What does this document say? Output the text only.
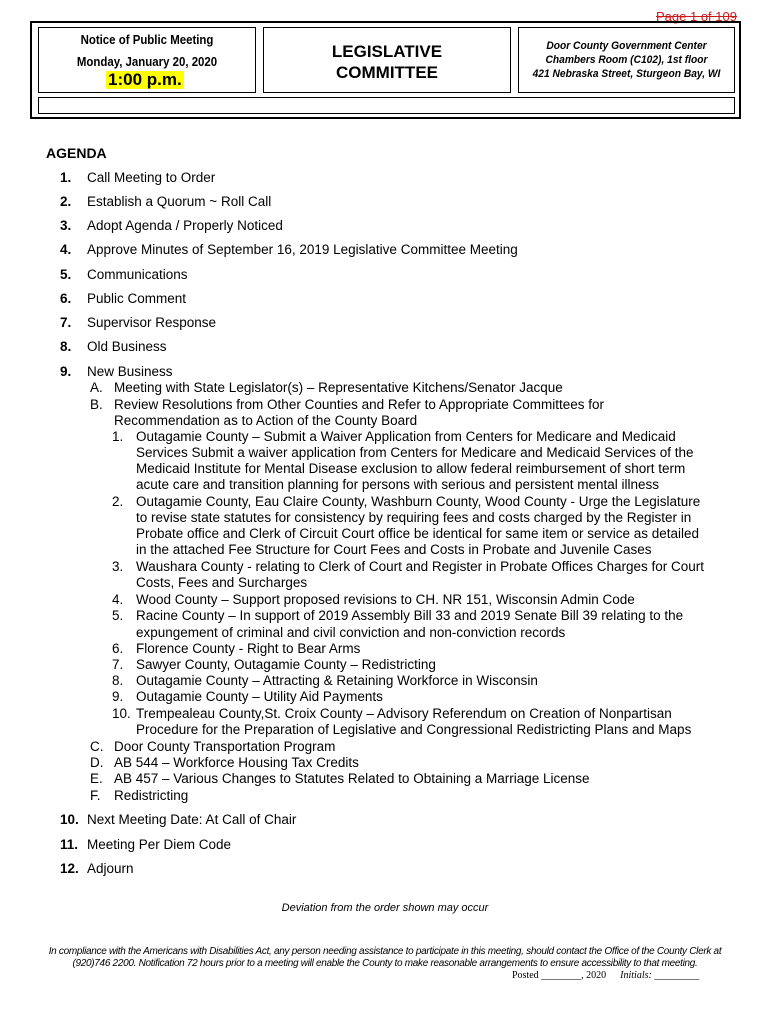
Page 1 of 109
Notice of Public Meeting
Monday, January 20, 2020
1:00 p.m.
LEGISLATIVE
COMMITTEE
Door County Government Center
Chambers Room (C102), 1st floor
421 Nebraska Street, Sturgeon Bay, WI
AGENDA
1. Call Meeting to Order
2. Establish a Quorum ~ Roll Call
3. Adopt Agenda / Properly Noticed
4. Approve Minutes of September 16, 2019 Legislative Committee Meeting
5. Communications
6. Public Comment
7. Supervisor Response
8. Old Business
9. New Business
A. Meeting with State Legislator(s) – Representative Kitchens/Senator Jacque
B. Review Resolutions from Other Counties and Refer to Appropriate Committees for
Recommendation as to Action of the County Board
1. Outagamie County – Submit a Waiver Application from Centers for Medicare and Medicaid
Services Submit a waiver application from Centers for Medicare and Medicaid Services of the
Medicaid Institute for Mental Disease exclusion to allow federal reimbursement of short term
acute care and transition planning for persons with serious and persistent mental illness
2. Outagamie County, Eau Claire County, Washburn County, Wood County - Urge the Legislature
to revise state statutes for consistency by requiring fees and costs charged by the Register in
Probate office and Clerk of Circuit Court office be identical for same item or service as detailed
in the attached Fee Structure for Court Fees and Costs in Probate and Juvenile Cases
3. Waushara County - relating to Clerk of Court and Register in Probate Offices Charges for Court
Costs, Fees and Surcharges
4. Wood County – Support proposed revisions to CH. NR 151, Wisconsin Admin Code
5. Racine County – In support of 2019 Assembly Bill 33 and 2019 Senate Bill 39 relating to the
expungement of criminal and civil conviction and non-conviction records
6. Florence County - Right to Bear Arms
7. Sawyer County, Outagamie County – Redistricting
8. Outagamie County – Attracting & Retaining Workforce in Wisconsin
9. Outagamie County – Utility Aid Payments
10. Trempealeau County,St. Croix County – Advisory Referendum on Creation of Nonpartisan
Procedure for the Preparation of Legislative and Congressional Redistricting Plans and Maps
C. Door County Transportation Program
D. AB 544 – Workforce Housing Tax Credits
E. AB 457 – Various Changes to Statutes Related to Obtaining a Marriage License
F. Redistricting
10. Next Meeting Date: At Call of Chair
11. Meeting Per Diem Code
12. Adjourn
Deviation from the order shown may occur
In compliance with the Americans with Disabilities Act, any person needing assistance to participate in this meeting, should contact the Office of the County Clerk at
(920)746 2200. Notification 72 hours prior to a meeting will enable the County to make reasonable arrangements to ensure accessibility to that meeting.
Posted ________, 2020 Initials: _________
